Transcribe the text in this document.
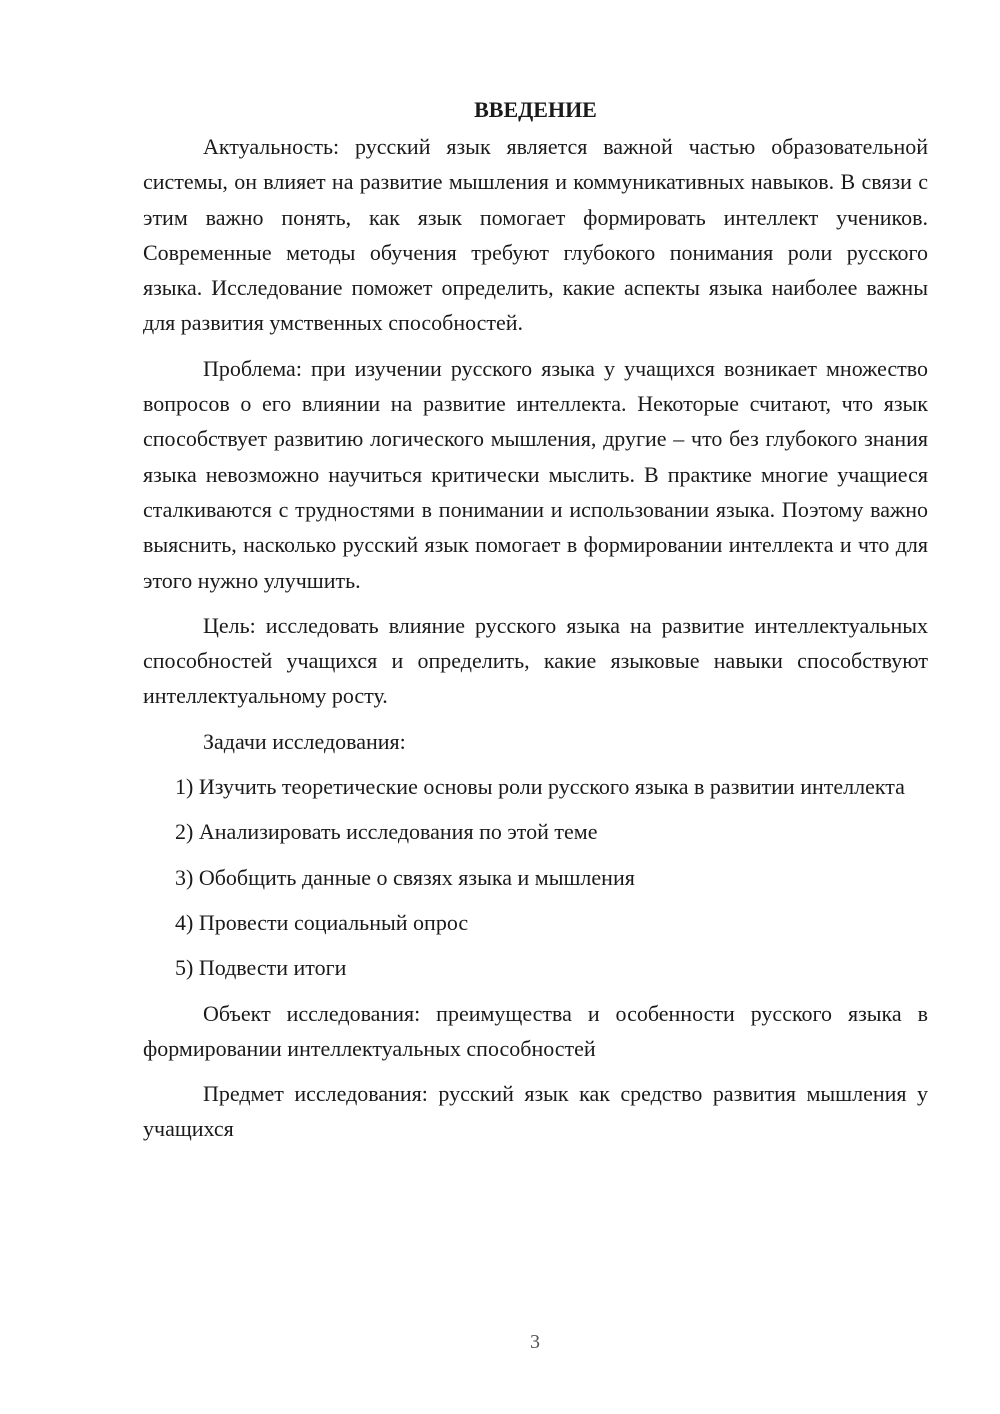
ВВЕДЕНИЕ

Актуальность: русский язык является важной частью образовательной системы, он влияет на развитие мышления и коммуникативных навыков. В связи с этим важно понять, как язык помогает формировать интеллект учеников. Современные методы обучения требуют глубокого понимания роли русского языка. Исследование поможет определить, какие аспекты языка наиболее важны для развития умственных способностей.

Проблема: при изучении русского языка у учащихся возникает множество вопросов о его влиянии на развитие интеллекта. Некоторые считают, что язык способствует развитию логического мышления, другие – что без глубокого знания языка невозможно научиться критически мыслить. В практике многие учащиеся сталкиваются с трудностями в понимании и использовании языка. Поэтому важно выяснить, насколько русский язык помогает в формировании интеллекта и что для этого нужно улучшить.

Цель: исследовать влияние русского языка на развитие интеллектуальных способностей учащихся и определить, какие языковые навыки способствуют интеллектуальному росту.

Задачи исследования:

1) Изучить теоретические основы роли русского языка в развитии интеллекта

2) Анализировать исследования по этой теме

3) Обобщить данные о связях языка и мышления

4) Провести социальный опрос

5) Подвести итоги

Объект исследования: преимущества и особенности русского языка в формировании интеллектуальных способностей

Предмет исследования: русский язык как средство развития мышления у учащихся

3
